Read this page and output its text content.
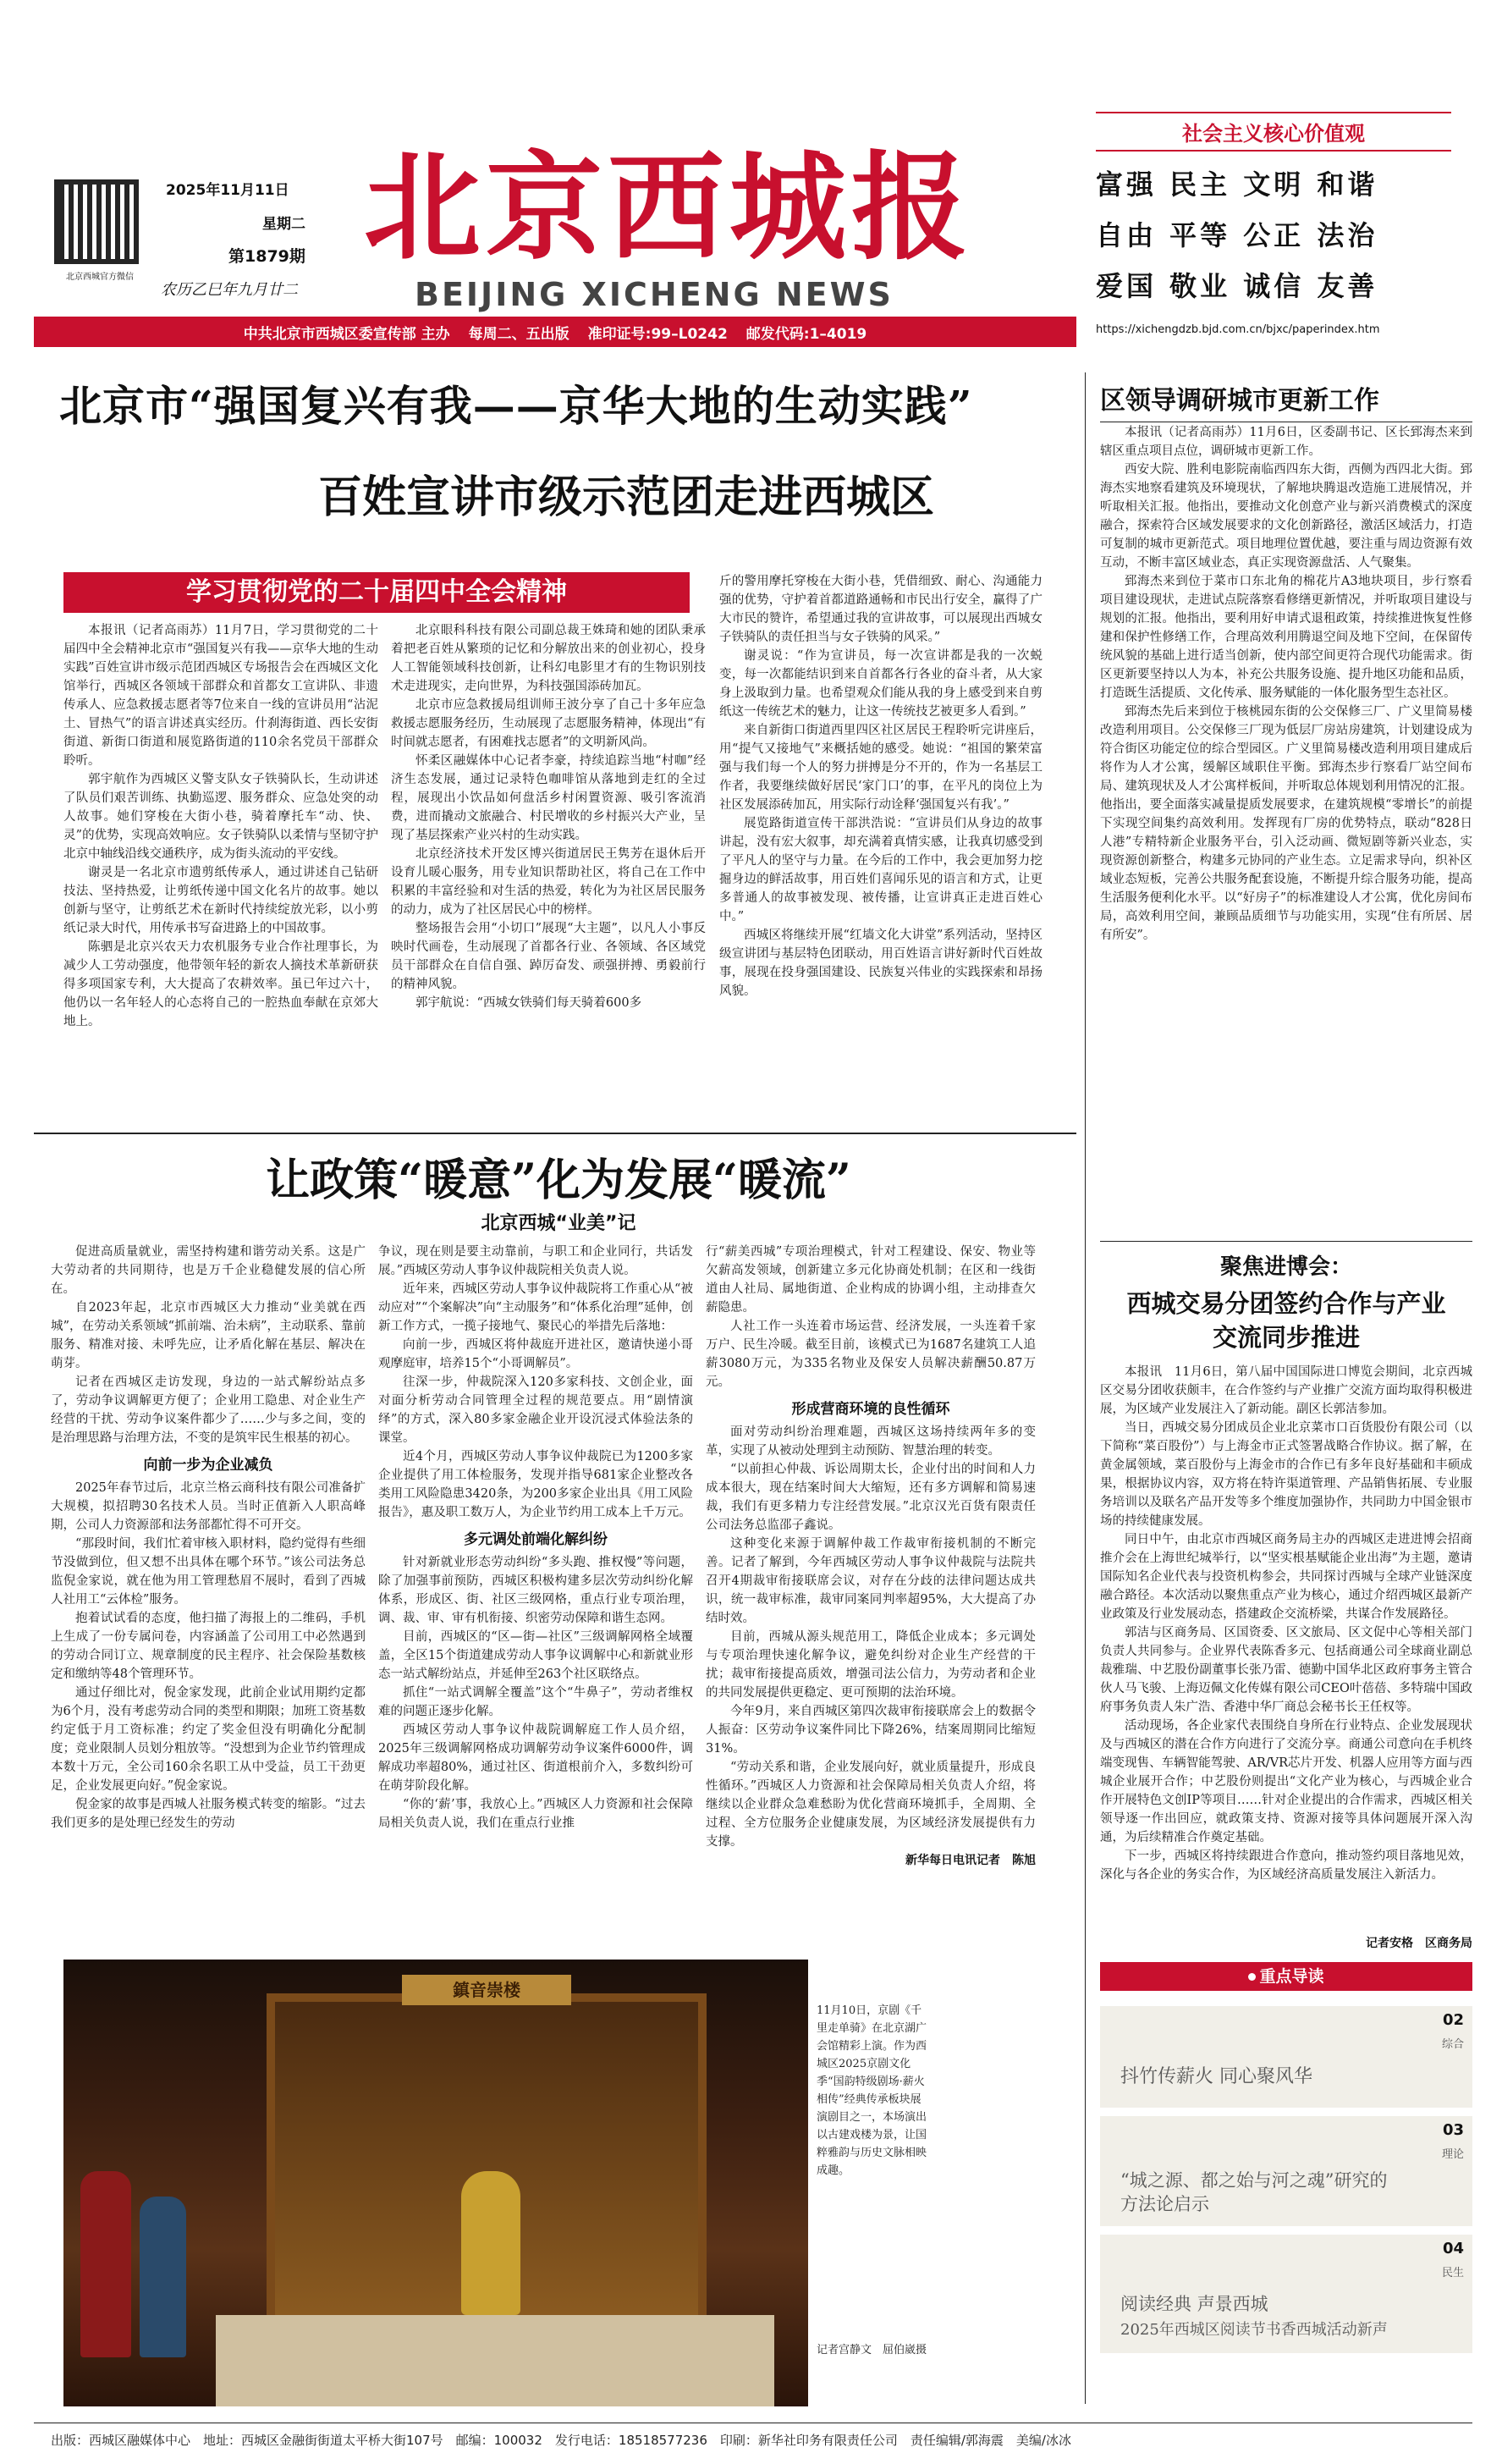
北京西城官方微信
2025年11月11日
星期二
第1879期
农历乙巳年九月廿二
北京西城报
BEIJING XICHENG NEWS
社会主义核心价值观
富强 民主 文明 和谐
自由 平等 公正 法治
爱国 敬业 诚信 友善
中共北京市西城区委宣传部 主办 每周二、五出版 准印证号:99–L0242 邮发代码:1–4019	https://xichengdzb.bjd.com.cn/bjxc/paperindex.htm
北京市“强国复兴有我——京华大地的生动实践”
百姓宣讲市级示范团走进西城区
学习贯彻党的二十届四中全会精神

本报讯（记者高雨苏）11月7日，学习贯彻党的二十届四中全会精神北京市“强国复兴有我——京华大地的生动实践”百姓宣讲市级示范团西城区专场报告会在西城区文化馆举行，西城区各领域干部群众和首都女工宣讲队、非遗传承人、应急救援志愿者等7位来自一线的宣讲员用“沾泥土、冒热气”的语言讲述真实经历。什刹海街道、西长安街街道、新街口街道和展览路街道的110余名党员干部群众聆听。

郭宇航作为西城区义警支队女子铁骑队长，生动讲述了队员们艰苦训练、执勤巡逻、服务群众、应急处突的动人故事。她们穿梭在大街小巷，骑着摩托车“动、快、灵”的优势，实现高效响应。女子铁骑队以柔情与坚韧守护北京中轴线沿线交通秩序，成为街头流动的平安线。

谢灵是一名北京市遗剪纸传承人，通过讲述自己钻研技法、坚持热爱，让剪纸传递中国文化名片的故事。她以创新与坚守，让剪纸艺术在新时代持续绽放光彩，以小剪纸记录大时代，用传承书写奋进路上的中国故事。

陈驷是北京兴农天力农机服务专业合作社理事长，为减少人工劳动强度，他带领年轻的新农人摘技术革新研获得多项国家专利，大大提高了农耕效率。虽已年过六十，他仍以一名年轻人的心态将自己的一腔热血奉献在京郊大地上。

北京眼科科技有限公司副总裁王姝琦和她的团队秉承着把老百姓从繁琐的记忆和分解放出来的创业初心，投身人工智能领域科技创新，让科幻电影里才有的生物识别技术走进现实，走向世界，为科技强国添砖加瓦。

北京市应急救援局组训师王波分享了自己十多年应急救援志愿服务经历，生动展现了志愿服务精神，体现出“有时间就志愿者，有困难找志愿者”的文明新风尚。

怀柔区融媒体中心记者李豪，持续追踪当地“村咖”经济生态发展，通过记录特色咖啡馆从落地到走红的全过程，展现出小饮品如何盘活乡村闲置资源、吸引客流消费，进而撬动文旅融合、村民增收的乡村振兴大产业，呈现了基层探索产业兴村的生动实践。

北京经济技术开发区博兴街道居民王隽芳在退休后开设育儿暖心服务，用专业知识帮助社区，将自己在工作中积累的丰富经验和对生活的热爱，转化为为社区居民服务的动力，成为了社区居民心中的榜样。

整场报告会用“小切口”展现“大主题”，以凡人小事反映时代画卷，生动展现了首都各行业、各领域、各区域党员干部群众在自信自强、踔厉奋发、顽强拼搏、勇毅前行的精神风貌。

郭宇航说：“西城女铁骑们每天骑着600多

斤的警用摩托穿梭在大街小巷，凭借细致、耐心、沟通能力强的优势，守护着首都道路通畅和市民出行安全，赢得了广大市民的赞许，希望通过我的宣讲故事，可以展现出西城女子铁骑队的责任担当与女子铁骑的风采。”

谢灵说：“作为宣讲员，每一次宣讲都是我的一次蜕变，每一次都能结识到来自首都各行各业的奋斗者，从大家身上汲取到力量。也希望观众们能从我的身上感受到来自剪纸这一传统艺术的魅力，让这一传统技艺被更多人看到。”

来自新街口街道西里四区社区居民王程聆听完讲座后，用“提气又接地气”来概括她的感受。她说：“祖国的繁荣富强与我们每一个人的努力拼搏是分不开的，作为一名基层工作者，我要继续做好居民‘家门口’的事，在平凡的岗位上为社区发展添砖加瓦，用实际行动诠释‘强国复兴有我’。”

展览路街道宣传干部洪浩说：“宣讲员们从身边的故事讲起，没有宏大叙事，却充满着真情实感，让我真切感受到了平凡人的坚守与力量。在今后的工作中，我会更加努力挖掘身边的鲜活故事，用百姓们喜闻乐见的语言和方式，让更多普通人的故事被发现、被传播，让宣讲真正走进百姓心中。”

西城区将继续开展“红墙文化大讲堂”系列活动，坚持区级宣讲团与基层特色团联动，用百姓语言讲好新时代百姓故事，展现在投身强国建设、民族复兴伟业的实践探索和昂扬风貌。

让政策“暖意”化为发展“暖流”
北京西城“业美”记

促进高质量就业，需坚持构建和谐劳动关系。这是广大劳动者的共同期待，也是万千企业稳健发展的信心所在。

自2023年起，北京市西城区大力推动“业美就在西城”，在劳动关系领域“抓前端、治未病”，主动联系、靠前服务、精准对接、未呼先应，让矛盾化解在基层、解决在萌芽。

记者在西城区走访发现，身边的一站式解纷站点多了，劳动争议调解更方便了；企业用工隐患、对企业生产经营的干扰、劳动争议案件都少了……少与多之间，变的是治理思路与治理方法，不变的是筑牢民生根基的初心。

向前一步为企业减负

2025年春节过后，北京兰格云商科技有限公司准备扩大规模，拟招聘30名技术人员。当时正值新入人职高峰期，公司人力资源部和法务部都忙得不可开交。

“那段时间，我们忙着审核入职材料，隐约觉得有些细节没做到位，但又想不出具体在哪个环节。”该公司法务总监倪金家说，就在他为用工管理愁眉不展时，看到了西城人社用工“云体检”服务。

抱着试试看的态度，他扫描了海报上的二维码，手机上生成了一份专属问卷，内容涵盖了公司用工中必然遇到的劳动合同订立、规章制度的民主程序、社会保险基数核定和缴纳等48个管理环节。

通过仔细比对，倪金家发现，此前企业试用期约定都为6个月，没有考虑劳动合同的类型和期限；加班工资基数约定低于月工资标准；约定了奖金但没有明确化分配制度；竞业限制人员划分粗放等。“没想到为企业节约管理成本数十万元，全公司160余名职工从中受益，员工干劲更足，企业发展更向好。”倪金家说。

倪金家的故事是西城人社服务模式转变的缩影。“过去我们更多的是处理已经发生的劳动

争议，现在则是要主动靠前，与职工和企业同行，共话发展。”西城区劳动人事争议仲裁院相关负责人说。

近年来，西城区劳动人事争议仲裁院将工作重心从“被动应对”“个案解决”向“主动服务”和“体系化治理”延伸，创新工作方式，一揽子接地气、聚民心的举措先后落地：

向前一步，西城区将仲裁庭开进社区，邀请快递小哥观摩庭审，培养15个“小哥调解员”。

往深一步，仲裁院深入120多家科技、文创企业，面对面分析劳动合同管理全过程的规范要点。用“剧情演绎”的方式，深入80多家金融企业开设沉浸式体验法条的课堂。

近4个月，西城区劳动人事争议仲裁院已为1200多家企业提供了用工体检服务，发现并指导681家企业整改各类用工风险隐患3420条，为200多家企业出具《用工风险报告》，惠及职工数万人，为企业节约用工成本上千万元。

多元调处前端化解纠纷

针对新就业形态劳动纠纷“多头跑、推权慢”等问题，除了加强事前预防，西城区积极构建多层次劳动纠纷化解体系，形成区、街、社区三级网格，重点行业专项治理，调、裁、审、审有机衔接、织密劳动保障和谐生态网。

目前，西城区的“区—街—社区”三级调解网格全域覆盖，全区15个街道建成劳动人事争议调解中心和新就业形态一站式解纷站点，并延伸至263个社区联络点。

抓住“一站式调解全覆盖”这个“牛鼻子”，劳动者维权难的问题正逐步化解。

西城区劳动人事争议仲裁院调解庭工作人员介绍，2025年三级调解网格成功调解劳动争议案件6000件，调解成功率超80%，通过社区、街道根前介入，多数纠纷可在萌芽阶段化解。

“你的‘薪’事，我放心上。”西城区人力资源和社会保障局相关负责人说，我们在重点行业推

行“薪美西城”专项治理模式，针对工程建设、保安、物业等欠薪高发领域，创新建立多元化协商处机制；在区和一线街道由人社局、属地街道、企业构成的协调小组，主动排查欠薪隐患。

人社工作一头连着市场运营、经济发展，一头连着千家万户、民生冷暖。截至目前，该模式已为1687名建筑工人追薪3080万元，为335名物业及保安人员解决薪酬50.87万元。

形成营商环境的良性循环

面对劳动纠纷治理难题，西城区这场持续两年多的变革，实现了从被动处理到主动预防、智慧治理的转变。

“以前担心仲裁、诉讼周期太长，企业付出的时间和人力成本很大，现在结案时间大大缩短，还有多方调解和简易速裁，我们有更多精力专注经营发展。”北京汉光百货有限责任公司法务总监邵子鑫说。

这种变化来源于调解仲裁工作裁审衔接机制的不断完善。记者了解到，今年西城区劳动人事争议仲裁院与法院共召开4期裁审衔接联席会议，对存在分歧的法律问题达成共识，统一裁审标准，裁审同案同判率超95%，大大提高了办结时效。

目前，西城从源头规范用工，降低企业成本；多元调处与专项治理快速化解争议，避免纠纷对企业生产经营的干扰；裁审衔接提高质效，增强司法公信力，为劳动者和企业的共同发展提供更稳定、更可预期的法治环境。

今年9月，来自西城区第四次裁审衔接联席会上的数据令人振奋：区劳动争议案件同比下降26%，结案周期同比缩短31%。

“劳动关系和谐，企业发展向好，就业质量提升，形成良性循环。”西城区人力资源和社会保障局相关负责人介绍，将继续以企业群众急难愁盼为优化营商环境抓手，全周期、全过程、全方位服务企业健康发展，为区域经济发展提供有力支撑。

新华每日电讯记者　陈旭
鎮音崇楼
11月10日，京剧《千里走单骑》在北京湖广会馆精彩上演。作为西城区2025京剧文化季“国韵特级剧场·薪火相传”经典传承板块展演剧目之一，本场演出以古建戏楼为景，让国粹雅韵与历史文脉相映成趣。
记者宫静文　屈伯崴摄
区领导调研城市更新工作

本报讯（记者高雨苏）11月6日，区委副书记、区长郅海杰来到辖区重点项目点位，调研城市更新工作。

西安大院、胜利电影院南临西四东大街，西侧为西四北大街。郅海杰实地察看建筑及环境现状，了解地块腾退改造施工进展情况，并听取相关汇报。他指出，要推动文化创意产业与新兴消费模式的深度融合，探索符合区域发展要求的文化创新路径，激活区域活力，打造可复制的城市更新范式。项目地理位置优越，要注重与周边资源有效互动，不断丰富区域业态，真正实现资源盘活、人气聚集。

郅海杰来到位于菜市口东北角的棉花片A3地块项目，步行察看项目建设现状，走进试点院落察看修缮更新情况，并听取项目建设与规划的汇报。他指出，要利用好申请式退租政策，持续推进恢复性修建和保护性修缮工作，合理高效利用腾退空间及地下空间，在保留传统风貌的基础上进行适当创新，使内部空间更符合现代功能需求。街区更新要坚持以人为本，补充公共服务设施、提升地区功能和品质，打造既生活提质、文化传承、服务赋能的一体化服务型生态社区。

郅海杰先后来到位于核桃园东街的公交保修三厂、广义里简易楼改造利用项目。公交保修三厂现为低层厂房站房建筑，计划建设成为符合街区功能定位的综合型园区。广义里简易楼改造利用项目建成后将作为人才公寓，缓解区域职住平衡。郅海杰步行察看厂站空间布局、建筑现状及人才公寓样板间，并听取总体规划利用情况的汇报。他指出，要全面落实减量提质发展要求，在建筑规模“零增长”的前提下实现空间集约高效利用。发挥现有厂房的优势特点，联动“828日人港”专精特新企业服务平台，引入泛动画、微短剧等新兴业态，实现资源创新整合，构建多元协同的产业生态。立足需求导向，织补区域业态短板，完善公共服务配套设施，不断提升综合服务功能，提高生活服务便利化水平。以“好房子”的标准建设人才公寓，优化房间布局，高效利用空间，兼顾品质细节与功能实用，实现“住有所居、居有所安”。

聚焦进博会：
西城交易分团签约合作与产业交流同步推进

本报讯　11月6日，第八届中国国际进口博览会期间，北京西城区交易分团收获颇丰，在合作签约与产业推广交流方面均取得积极进展，为区域产业发展注入了新动能。副区长郭洁参加。

当日，西城交易分团成员企业北京菜市口百货股份有限公司（以下简称“菜百股份”）与上海金市正式签署战略合作协议。据了解，在黄金属领域，菜百股份与上海金市的合作已有多年良好基础和丰硕成果，根据协议内容，双方将在特许渠道管理、产品销售拓展、专业服务培训以及联名产品开发等多个维度加强协作，共同助力中国金银市场的持续健康发展。

同日中午，由北京市西城区商务局主办的西城区走进进博会招商推介会在上海世纪城举行，以“坚实根基赋能企业出海”为主题，邀请国际知名企业代表与投资机构参会，共同探讨西城与全球产业链深度融合路径。本次活动以聚焦重点产业为核心，通过介绍西城区最新产业政策及行业发展动态，搭建政企交流桥梁，共谋合作发展路径。

郭洁与区商务局、区国资委、区文旅局、区文促中心等相关部门负责人共同参与。企业界代表陈香多元、包括商通公司全球商业副总裁雅瑞、中艺股份副董事长张乃雷、德勤中国华北区政府事务主管合伙人马飞骏、上海迈佩文化传媒有限公司CEO叶蓓蓓、多特瑞中国政府事务负责人朱广浩、香港中华厂商总会秘书长王任权等。

活动现场，各企业家代表围绕自身所在行业特点、企业发展现状及与西城区的潜在合作方向进行了交流分享。商通公司意向在手机终端变现售、车辆智能驾驶、AR/VR芯片开发、机器人应用等方面与西城企业展开合作；中艺股份则提出“文化产业为核心，与西城企业合作开展特色文创IP等项目……针对企业提出的合作需求，西城区相关领导逐一作出回应，就政策支持、资源对接等具体问题展开深入沟通，为后续精准合作奠定基础。

下一步，西城区将持续跟进合作意向，推动签约项目落地见效，深化与各企业的务实合作，为区域经济高质量发展注入新活力。

记者安格　区商务局
重点导读
02
综合
抖竹传薪火 同心聚风华
03
理论
“城之源、都之始与河之魂”研究的方法论启示
04
民生
阅读经典 声景西城
2025年西城区阅读节书香西城活动新声
出版：西城区融媒体中心　地址：西城区金融街街道太平桥大街107号　邮编：100032　发行电话：18518577236　印刷：新华社印务有限责任公司　责任编辑/郭海震　美编/冰冰
